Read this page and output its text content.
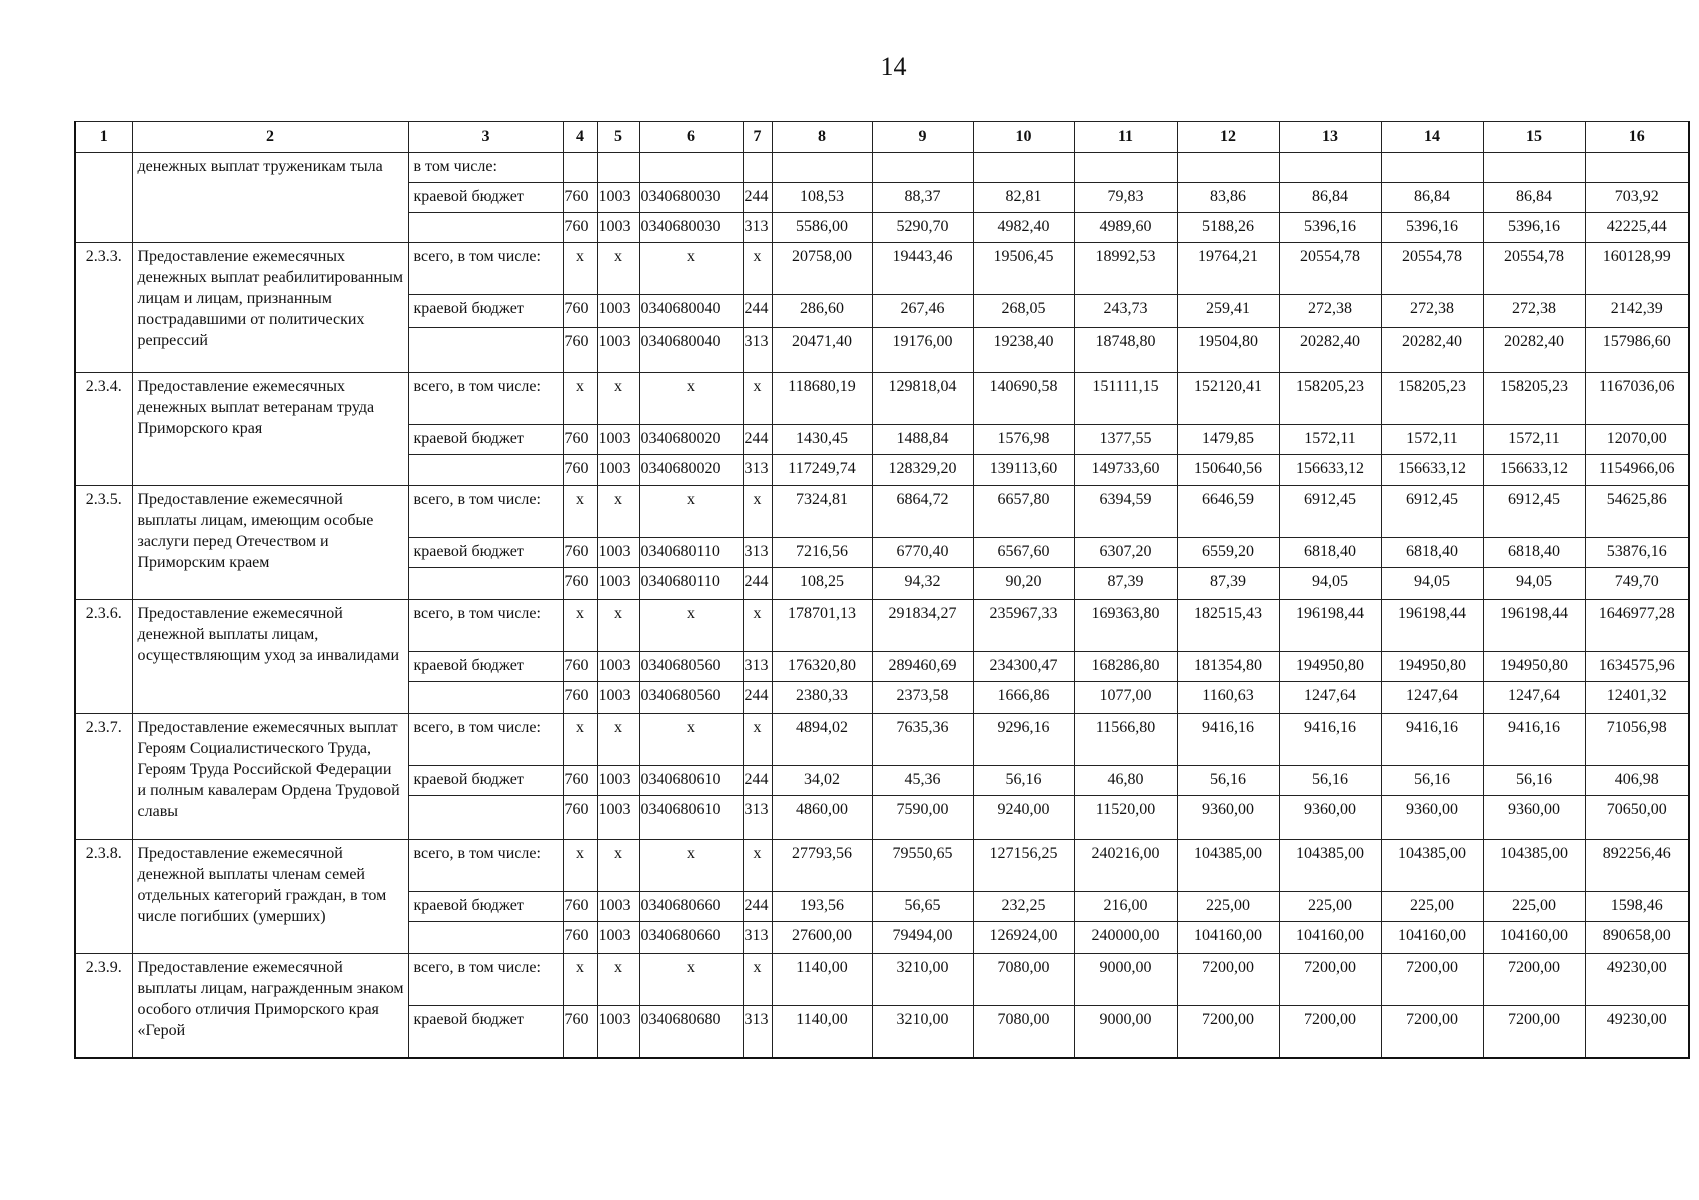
14
1	2	3	4	5	6	7	8	9	10	11	12	13	14	15	16
	денежных выплат труженикам тыла	в том числе:													
		краевой бюджет	760	1003	0340680030	244	108,53	88,37	82,81	79,83	83,86	86,84	86,84	86,84	703,92
			760	1003	0340680030	313	5586,00	5290,70	4982,40	4989,60	5188,26	5396,16	5396,16	5396,16	42225,44
2.3.3.	Предоставление ежемесячных денежных выплат реабилитированным лицам и лицам, признанным пострадавшими от политических репрессий	всего, в том числе:	x	x	x	x	20758,00	19443,46	19506,45	18992,53	19764,21	20554,78	20554,78	20554,78	160128,99
		краевой бюджет	760	1003	0340680040	244	286,60	267,46	268,05	243,73	259,41	272,38	272,38	272,38	2142,39
			760	1003	0340680040	313	20471,40	19176,00	19238,40	18748,80	19504,80	20282,40	20282,40	20282,40	157986,60
2.3.4.	Предоставление ежемесячных денежных выплат ветеранам труда Приморского края	всего, в том числе:	x	x	x	x	118680,19	129818,04	140690,58	151111,15	152120,41	158205,23	158205,23	158205,23	1167036,06
		краевой бюджет	760	1003	0340680020	244	1430,45	1488,84	1576,98	1377,55	1479,85	1572,11	1572,11	1572,11	12070,00
			760	1003	0340680020	313	117249,74	128329,20	139113,60	149733,60	150640,56	156633,12	156633,12	156633,12	1154966,06
2.3.5.	Предоставление ежемесячной выплаты лицам, имеющим особые заслуги перед Отечеством и Приморским краем	всего, в том числе:	x	x	x	x	7324,81	6864,72	6657,80	6394,59	6646,59	6912,45	6912,45	6912,45	54625,86
		краевой бюджет	760	1003	0340680110	313	7216,56	6770,40	6567,60	6307,20	6559,20	6818,40	6818,40	6818,40	53876,16
			760	1003	0340680110	244	108,25	94,32	90,20	87,39	87,39	94,05	94,05	94,05	749,70
2.3.6.	Предоставление ежемесячной денежной выплаты лицам, осуществляющим уход за инвалидами	всего, в том числе:	x	x	x	x	178701,13	291834,27	235967,33	169363,80	182515,43	196198,44	196198,44	196198,44	1646977,28
		краевой бюджет	760	1003	0340680560	313	176320,80	289460,69	234300,47	168286,80	181354,80	194950,80	194950,80	194950,80	1634575,96
			760	1003	0340680560	244	2380,33	2373,58	1666,86	1077,00	1160,63	1247,64	1247,64	1247,64	12401,32
2.3.7.	Предоставление ежемесячных выплат Героям Социалистического Труда, Героям Труда Российской Федерации и полным кавалерам Ордена Трудовой славы	всего, в том числе:	x	x	x	x	4894,02	7635,36	9296,16	11566,80	9416,16	9416,16	9416,16	9416,16	71056,98
		краевой бюджет	760	1003	0340680610	244	34,02	45,36	56,16	46,80	56,16	56,16	56,16	56,16	406,98
			760	1003	0340680610	313	4860,00	7590,00	9240,00	11520,00	9360,00	9360,00	9360,00	9360,00	70650,00
2.3.8.	Предоставление ежемесячной денежной выплаты членам семей отдельных категорий граждан, в том числе погибших (умерших)	всего, в том числе:	x	x	x	x	27793,56	79550,65	127156,25	240216,00	104385,00	104385,00	104385,00	104385,00	892256,46
		краевой бюджет	760	1003	0340680660	244	193,56	56,65	232,25	216,00	225,00	225,00	225,00	225,00	1598,46
			760	1003	0340680660	313	27600,00	79494,00	126924,00	240000,00	104160,00	104160,00	104160,00	104160,00	890658,00
2.3.9.	Предоставление ежемесячной выплаты лицам, награжденным знаком особого отличия Приморского края «Герой	всего, в том числе:	x	x	x	x	1140,00	3210,00	7080,00	9000,00	7200,00	7200,00	7200,00	7200,00	49230,00
		краевой бюджет	760	1003	0340680680	313	1140,00	3210,00	7080,00	9000,00	7200,00	7200,00	7200,00	7200,00	49230,00
